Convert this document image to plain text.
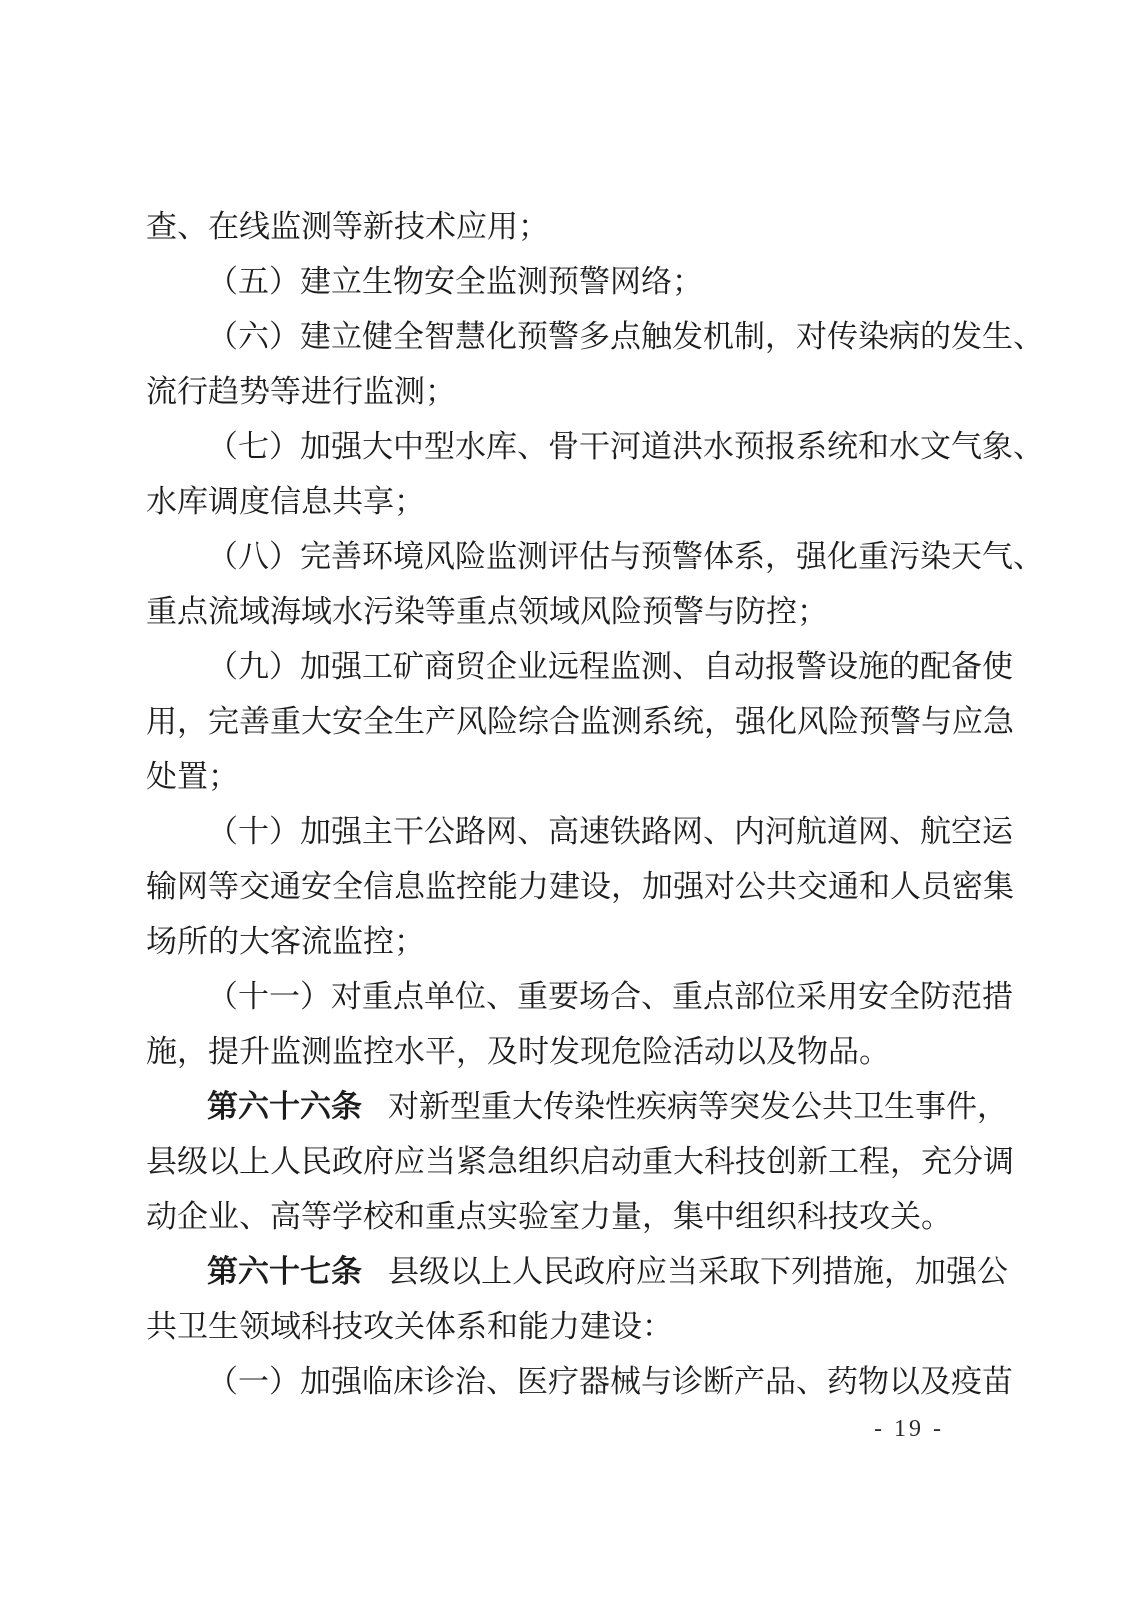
查、在线监测等新技术应用；
（五）建立生物安全监测预警网络；
（ 六 ） 建 立 健 全 智 慧 化 预 警 多 点 触 发 机 制 ， 对 传 染 病 的 发 生 、
流行趋势等进行监测；
（ 七 ） 加 强 大 中 型 水 库 、 骨 干 河 道 洪 水 预 报 系 统 和 水 文 气 象 、
水库调度信息共享；
（ 八 ） 完 善 环 境 风 险 监 测 评 估 与 预 警 体 系 ， 强 化 重 污 染 天 气 、
重点流域海域水污染等重点领域风险预警与防控；
（ 九 ） 加 强 工 矿 商 贸 企 业 远 程 监 测 、 自 动 报 警 设 施 的 配 备 使
用 ， 完 善 重 大 安 全 生 产 风 险 综 合 监 测 系 统 ， 强 化 风 险 预 警 与 应 急
处置；
（ 十 ） 加 强 主 干 公 路 网 、 高 速 铁 路 网 、 内 河 航 道 网 、 航 空 运
输 网 等 交 通 安 全 信 息 监 控 能 力 建 设 ， 加 强 对 公 共 交 通 和 人 员 密 集
场所的大客流监控；
（ 十 一 ） 对 重 点 单 位 、 重 要 场 合 、 重 点 部 位 采 用 安 全 防 范 措
施，提升监测监控水平，及时发现危险活动以及物品。
第 六 十 六 条 对 新 型 重 大 传 染 性 疾 病 等 突 发 公 共 卫 生 事 件 ，
县 级 以 上 人 民 政 府 应 当 紧 急 组 织 启 动 重 大 科 技 创 新 工 程 ， 充 分 调
动企业、高等学校和重点实验室力量，集中组织科技攻关。
第 六 十 七 条 县 级 以 上 人 民 政 府 应 当 采 取 下 列 措 施 ， 加 强 公
共卫生领域科技攻关体系和能力建设：
（ 一 ） 加 强 临 床 诊 治 、 医 疗 器 械 与 诊 断 产 品 、 药 物 以 及 疫 苗
- 19 -
